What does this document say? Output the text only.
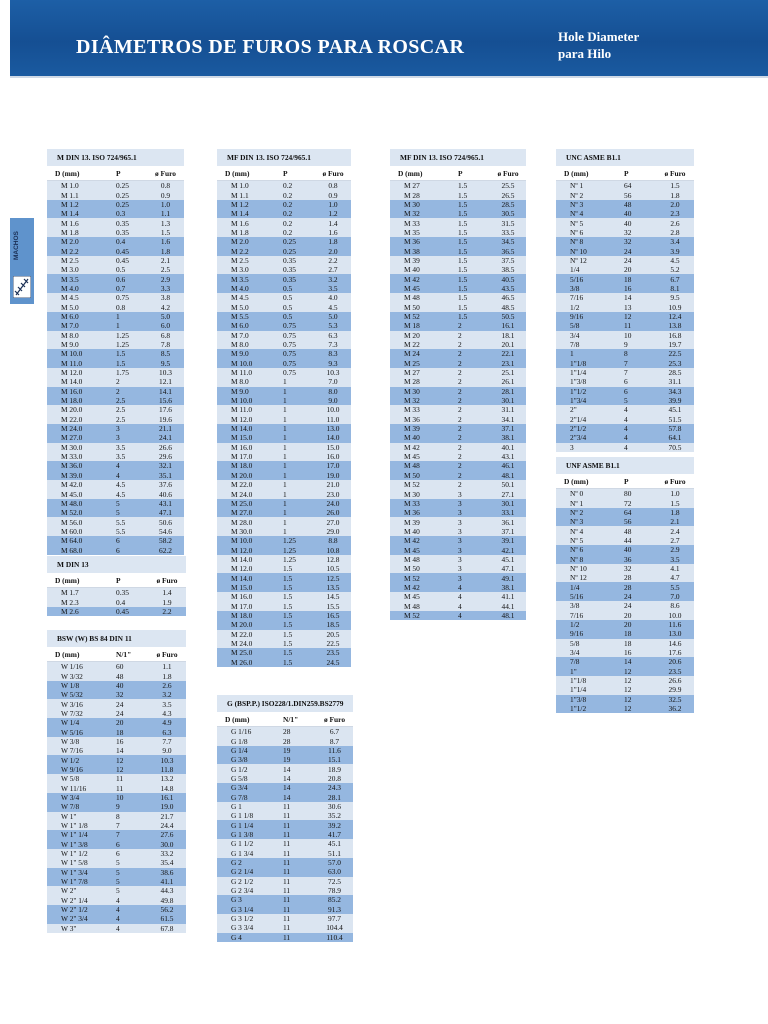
DIÂMETROS DE FUROS PARA ROSCAR	Hole Diameter
para Hilo
MACHOS
M DIN 13. ISO 724/965.1		
D (mm)	P	ø Furo
M 1.0	0.25	0.8
M 1.1	0.25	0.9
M 1.2	0.25	1.0
M 1.4	0.3	1.1
M 1.6	0.35	1.3
M 1.8	0.35	1.5
M 2.0	0.4	1.6
M 2.2	0.45	1.8
M 2.5	0.45	2.1
M 3.0	0.5	2.5
M 3.5	0.6	2.9
M 4.0	0.7	3.3
M 4.5	0.75	3.8
M 5.0	0.8	4.2
M 6.0	1	5.0
M 7.0	1	6.0
M 8.0	1.25	6.8
M 9.0	1.25	7.8
M 10.0	1.5	8.5
M 11.0	1.5	9.5
M 12.0	1.75	10.3
M 14.0	2	12.1
M 16.0	2	14.1
M 18.0	2.5	15.6
M 20.0	2.5	17.6
M 22.0	2.5	19.6
M 24.0	3	21.1
M 27.0	3	24.1
M 30.0	3.5	26.6
M 33.0	3.5	29.6
M 36.0	4	32.1
M 39.0	4	35.1
M 42.0	4.5	37.6
M 45.0	4.5	40.6
M 48.0	5	43.1
M 52.0	5	47.1
M 56.0	5.5	50.6
M 60.0	5.5	54.6
M 64.0	6	58.2
M 68.0	6	62.2
M DIN 13		
D (mm)	P	ø Furo
M 1.7	0.35	1.4
M 2.3	0.4	1.9
M 2.6	0.45	2.2
BSW (W) BS 84 DIN 11		
D (mm)	N/1"	ø Furo
W 1/16	60	1.1
W 3/32	48	1.8
W 1/8	40	2.6
W 5/32	32	3.2
W 3/16	24	3.5
W 7/32	24	4.3
W 1/4	20	4.9
W 5/16	18	6.3
W 3/8	16	7.7
W 7/16	14	9.0
W 1/2	12	10.3
W 9/16	12	11.8
W 5/8	11	13.2
W 11/16	11	14.8
W 3/4	10	16.1
W 7/8	9	19.0
W 1"	8	21.7
W 1" 1/8	7	24.4
W 1" 1/4	7	27.6
W 1" 3/8	6	30.0
W 1" 1/2	6	33.2
W 1" 5/8	5	35.4
W 1" 3/4	5	38.6
W 1" 7/8	5	41.1
W 2"	5	44.3
W 2" 1/4	4	49.8
W 2" 1/2	4	56.2
W 2" 3/4	4	61.5
W 3"	4	67.8
MF DIN 13. ISO 724/965.1		
D (mm)	P	ø Furo
M 1.0	0.2	0.8
M 1.1	0.2	0.9
M 1.2	0.2	1.0
M 1.4	0.2	1.2
M 1.6	0.2	1.4
M 1.8	0.2	1.6
M 2.0	0.25	1.8
M 2.2	0.25	2.0
M 2.5	0.35	2.2
M 3.0	0.35	2.7
M 3.5	0.35	3.2
M 4.0	0.5	3.5
M 4.5	0.5	4.0
M 5.0	0.5	4.5
M 5.5	0.5	5.0
M 6.0	0.75	5.3
M 7.0	0.75	6.3
M 8.0	0.75	7.3
M 9.0	0.75	8.3
M 10.0	0.75	9.3
M 11.0	0.75	10.3
M 8.0	1	7.0
M 9.0	1	8.0
M 10.0	1	9.0
M 11.0	1	10.0
M 12.0	1	11.0
M 14.0	1	13.0
M 15.0	1	14.0
M 16.0	1	15.0
M 17.0	1	16.0
M 18.0	1	17.0
M 20.0	1	19.0
M 22.0	1	21.0
M 24.0	1	23.0
M 25.0	1	24.0
M 27.0	1	26.0
M 28.0	1	27.0
M 30.0	1	29.0
M 10.0	1.25	8.8
M 12.0	1.25	10.8
M 14.0	1.25	12.8
M 12.0	1.5	10.5
M 14.0	1.5	12.5
M 15.0	1.5	13.5
M 16.0	1.5	14.5
M 17.0	1.5	15.5
M 18.0	1.5	16.5
M 20.0	1.5	18.5
M 22.0	1.5	20.5
M 24.0	1.5	22.5
M 25.0	1.5	23.5
M 26.0	1.5	24.5
G (BSP.P.) ISO228/1.DIN259.BS2779		
D (mm)	N/1"	ø Furo
G 1/16	28	6.7
G 1/8	28	8.7
G 1/4	19	11.6
G 3/8	19	15.1
G 1/2	14	18.9
G 5/8	14	20.8
G 3/4	14	24.3
G 7/8	14	28.1
G 1	11	30.6
G 1 1/8	11	35.2
G 1 1/4	11	39.2
G 1 3/8	11	41.7
G 1 1/2	11	45.1
G 1 3/4	11	51.1
G 2	11	57.0
G 2 1/4	11	63.0
G 2 1/2	11	72.5
G 2 3/4	11	78.9
G 3	11	85.2
G 3 1/4	11	91.3
G 3 1/2	11	97.7
G 3 3/4	11	104.4
G 4	11	110.4
MF DIN 13. ISO 724/965.1		
D (mm)	P	ø Furo
M 27	1.5	25.5
M 28	1.5	26.5
M 30	1.5	28.5
M 32	1.5	30.5
M 33	1.5	31.5
M 35	1.5	33.5
M 36	1.5	34.5
M 38	1.5	36.5
M 39	1.5	37.5
M 40	1.5	38.5
M 42	1.5	40.5
M 45	1.5	43.5
M 48	1.5	46.5
M 50	1.5	48.5
M 52	1.5	50.5
M 18	2	16.1
M 20	2	18.1
M 22	2	20.1
M 24	2	22.1
M 25	2	23.1
M 27	2	25.1
M 28	2	26.1
M 30	2	28.1
M 32	2	30.1
M 33	2	31.1
M 36	2	34.1
M 39	2	37.1
M 40	2	38.1
M 42	2	40.1
M 45	2	43.1
M 48	2	46.1
M 50	2	48.1
M 52	2	50.1
M 30	3	27.1
M 33	3	30.1
M 36	3	33.1
M 39	3	36.1
M 40	3	37.1
M 42	3	39.1
M 45	3	42.1
M 48	3	45.1
M 50	3	47.1
M 52	3	49.1
M 42	4	38.1
M 45	4	41.1
M 48	4	44.1
M 52	4	48.1
UNC ASME B1.1		
D (mm)	P	ø Furo
Nº 1	64	1.5
Nº 2	56	1.8
Nº 3	48	2.0
Nº 4	40	2.3
Nº 5	40	2.6
Nº 6	32	2.8
Nº 8	32	3.4
Nº 10	24	3.9
Nº 12	24	4.5
1/4	20	5.2
5/16	18	6.7
3/8	16	8.1
7/16	14	9.5
1/2	13	10.9
9/16	12	12.4
5/8	11	13.8
3/4	10	16.8
7/8	9	19.7
1	8	22.5
1"1/8	7	25.3
1"1/4	7	28.5
1"3/8	6	31.1
1"1/2	6	34.3
1"3/4	5	39.9
2"	4	45.1
2"1/4	4	51.5
2"1/2	4	57.8
2"3/4	4	64.1
3	4	70.5
UNF ASME B1.1		
D (mm)	P	ø Furo
Nº 0	80	1.0
Nº 1	72	1.5
Nº 2	64	1.8
Nº 3	56	2.1
Nº 4	48	2.4
Nº 5	44	2.7
Nº 6	40	2.9
Nº 8	36	3.5
Nº 10	32	4.1
Nº 12	28	4.7
1/4	28	5.5
5/16	24	7.0
3/8	24	8.6
7/16	20	10.0
1/2	20	11.6
9/16	18	13.0
5/8	18	14.6
3/4	16	17.6
7/8	14	20.6
1"	12	23.5
1"1/8	12	26.6
1"1/4	12	29.9
1"3/8	12	32.5
1"1/2	12	36.2
